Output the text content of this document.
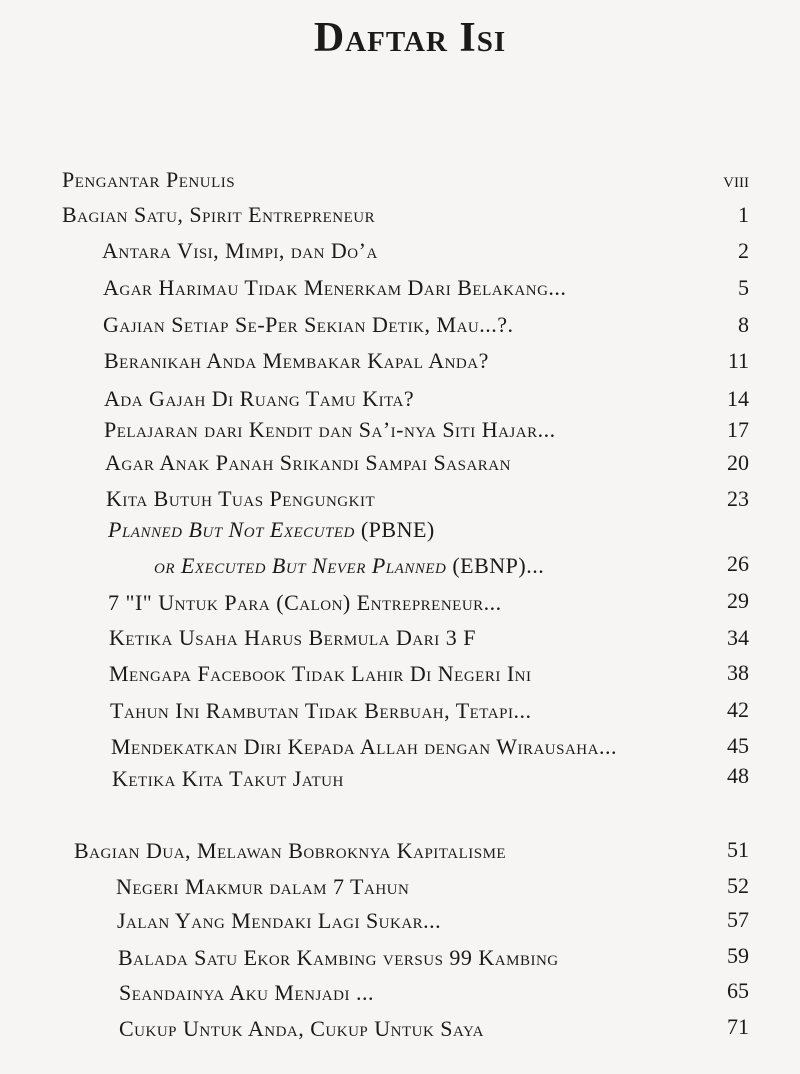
Daftar Isi
Pengantar Penulis	viii
Bagian Satu, Spirit Entrepreneur	1
Antara Visi, Mimpi, dan Do’a	2
Agar Harimau Tidak Menerkam Dari Belakang...	5
Gajian Setiap Se-Per Sekian Detik, Mau...?.	8
Beranikah Anda Membakar Kapal Anda?	11
Ada Gajah Di Ruang Tamu Kita?	14
Pelajaran dari Kendit dan Sa’i-nya Siti Hajar...	17
Agar Anak Panah Srikandi Sampai Sasaran	20
Kita Butuh Tuas Pengungkit	23
Planned But Not Executed (PBNE)
or Executed But Never Planned (EBNP)...	26
7 "I" Untuk Para (Calon) Entrepreneur...	29
Ketika Usaha Harus Bermula Dari 3 F	34
Mengapa Facebook Tidak Lahir Di Negeri Ini	38
Tahun Ini Rambutan Tidak Berbuah, Tetapi...	42
Mendekatkan Diri Kepada Allah dengan Wirausaha...	45
Ketika Kita Takut Jatuh	48
Bagian Dua, Melawan Bobroknya Kapitalisme	51
Negeri Makmur dalam 7 Tahun	52
Jalan Yang Mendaki Lagi Sukar...	57
Balada Satu Ekor Kambing versus 99 Kambing	59
Seandainya Aku Menjadi ...	65
Cukup Untuk Anda, Cukup Untuk Saya	71
